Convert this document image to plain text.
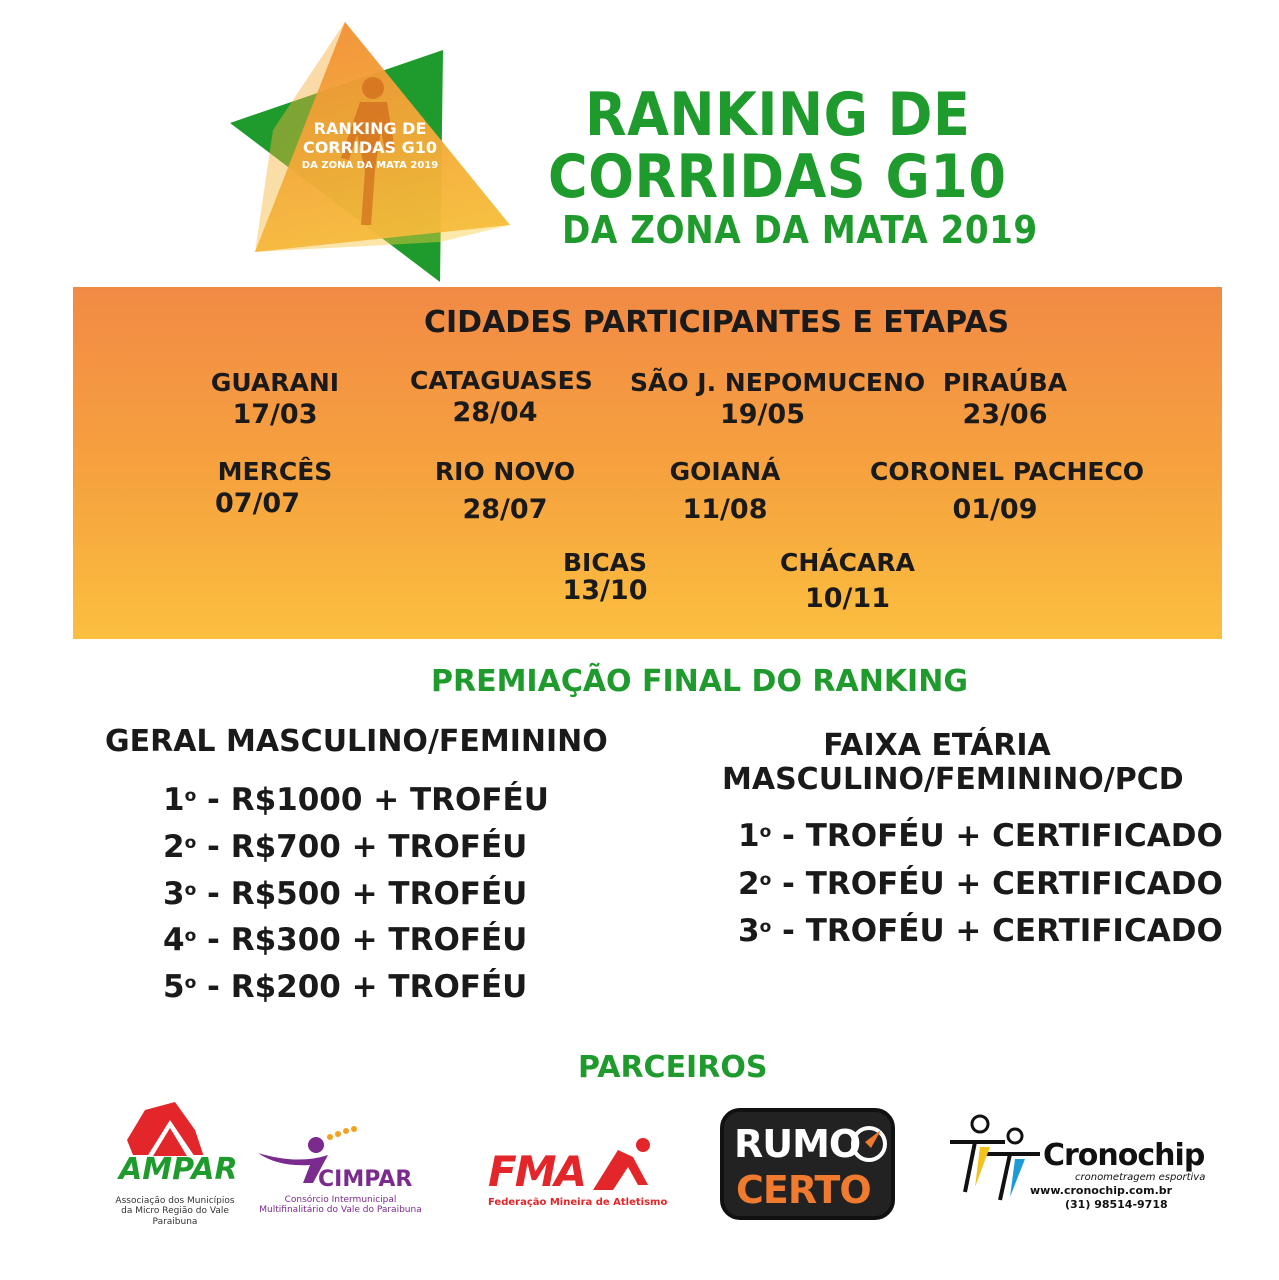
RANKING DE
CORRIDAS G10
DA ZONA DA MATA 2019
RANKING DE
CORRIDAS G10
DA ZONA DA MATA 2019
CIDADES PARTICIPANTES E ETAPAS
GUARANI
17/03
CATAGUASES
28/04
SÃO J. NEPOMUCENO
19/05
PIRAÚBA
23/06
MERCÊS
07/07
RIO NOVO
28/07
GOIANÁ
11/08
CORONEL PACHECO
01/09
BICAS
13/10
CHÁCARA
10/11
PREMIAÇÃO FINAL DO RANKING
GERAL MASCULINO/FEMININO
1$^o$ - R$1000 + TROFÉU
2$^o$ - R$700 + TROFÉU
3$^o$ - R$500 + TROFÉU
4$^o$ - R$300 + TROFÉU
5$^o$ - R$200 + TROFÉU
FAIXA ETÁRIA
MASCULINO/FEMININO/PCD
1$^o$ - TROFÉU + CERTIFICADO
2$^o$ - TROFÉU + CERTIFICADO
3$^o$ - TROFÉU + CERTIFICADO
PARCEIROS
AMPAR
Associação dos Municípios
da Micro Região do Vale Paraibuna
CIMPAR
Consórcio Intermunicipal
Multifinalitário do Vale do Paraibuna
FMA
Federação Mineira de Atletismo
RUMO
CERTO
Cronochip
cronometragem esportiva
www.cronochip.com.br
(31) 98514-9718
